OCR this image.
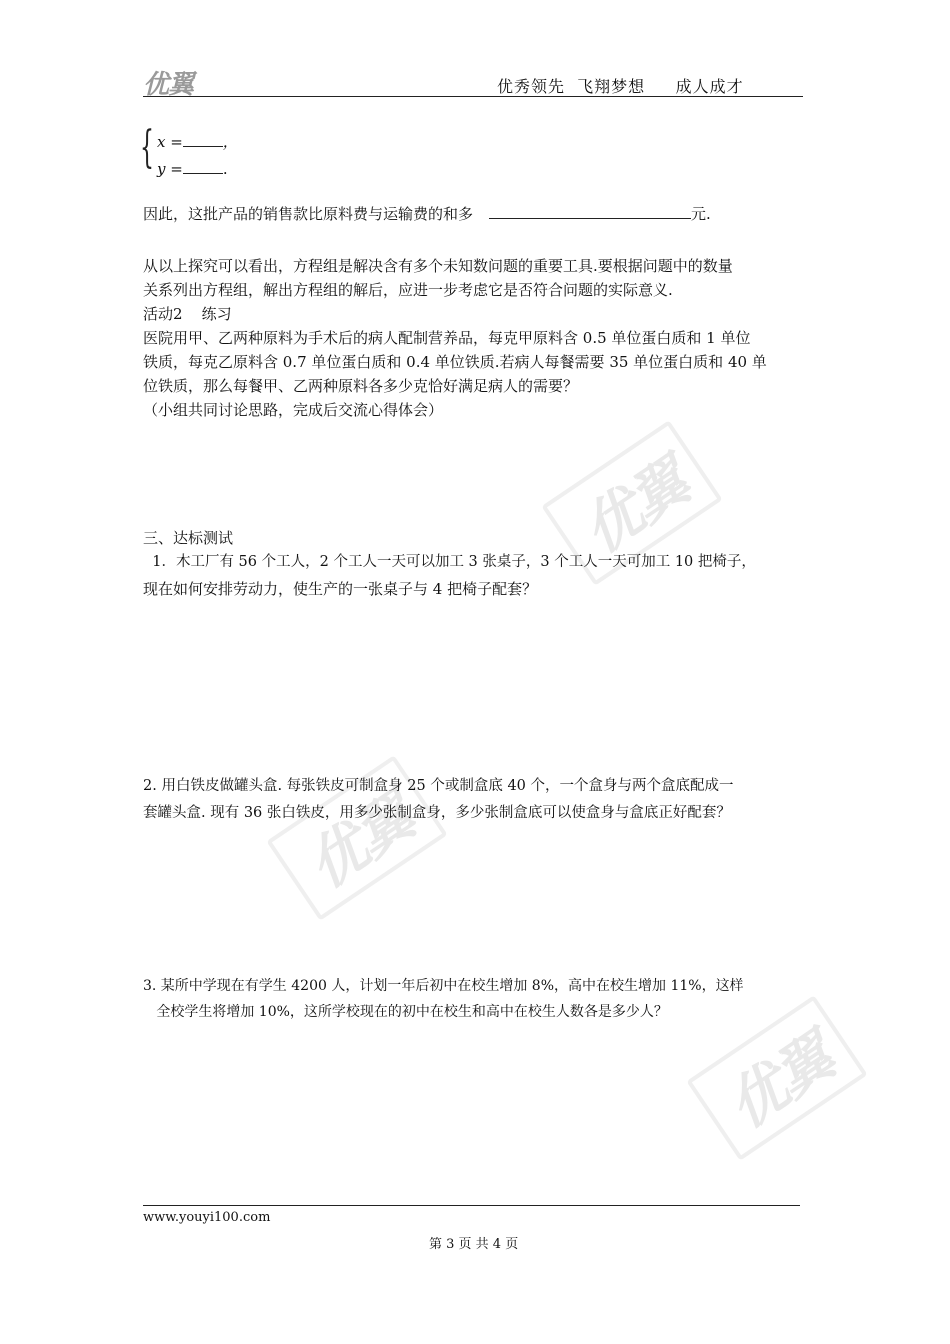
优翼
优翼
优翼
优翼	优秀领先  飞翔梦想     成人成才
{ x =	，
y =	.
因此，这批产品的销售款比原料费与运输费的和多	元.
从以上探究可以看出，方程组是解决含有多个未知数问题的重要工具.要根据问题中的数量
关系列出方程组，解出方程组的解后，应进一步考虑它是否符合问题的实际意义.
活动2    练习
医院用甲、乙两种原料为手术后的病人配制营养品，每克甲原料含 0.5 单位蛋白质和 1 单位
铁质，每克乙原料含 0.7 单位蛋白质和 0.4 单位铁质.若病人每餐需要 35 单位蛋白质和 40 单
位铁质，那么每餐甲、乙两种原料各多少克恰好满足病人的需要？
（小组共同讨论思路，完成后交流心得体会）
三、达标测试
1．木工厂有 56 个工人，2 个工人一天可以加工 3 张桌子，3 个工人一天可加工 10 把椅子，
现在如何安排劳动力，使生产的一张桌子与 4 把椅子配套？
2. 用白铁皮做罐头盒. 每张铁皮可制盒身 25 个或制盒底 40 个，一个盒身与两个盒底配成一
套罐头盒. 现有 36 张白铁皮，用多少张制盒身，多少张制盒底可以使盒身与盒底正好配套？
3. 某所中学现在有学生 4200 人，计划一年后初中在校生增加 8%，高中在校生增加 11%，这样
全校学生将增加 10%，这所学校现在的初中在校生和高中在校生人数各是多少人？
www.youyi100.com
第 3 页 共 4 页
